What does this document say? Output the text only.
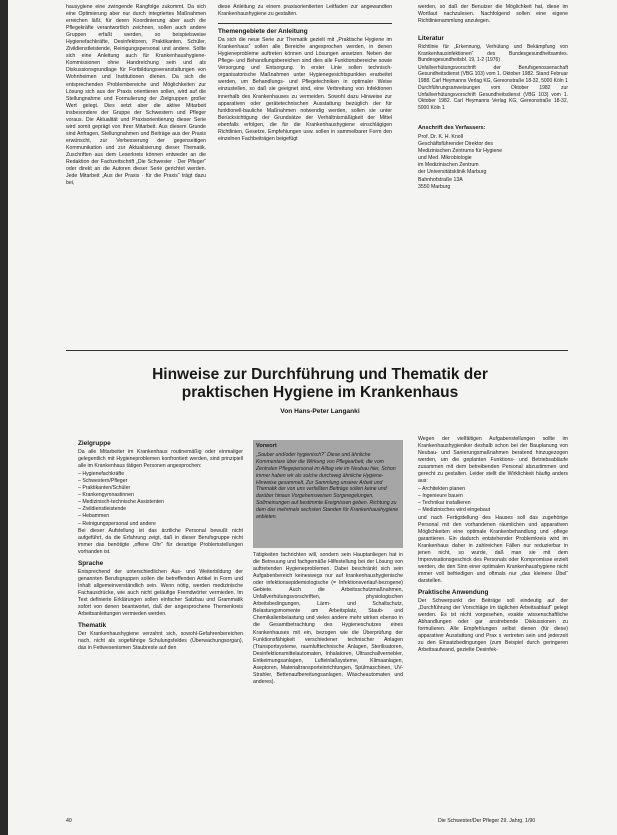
hausygiene eine zwingende Rangfolge zukommt. Da sich eine Optimierung aber nur durch integriertes Maßnahmen erreichen läßt, für deren Koordinierung aber auch die Pflegekräfte verantwortlich zeichnen, sollen auch andere Gruppen erfaßt werden, so beispielsweise Hygienefachkräfte, Desinfektoren, Praktikanten, Schüler, Zivildienstleistende, Reinigungspersonal und andere. Sollte sich eine Anleitung auch für Krankenhaushygiene-Kommissionen ohne Handreichung sein und als Diskussionsgrundlage für Fortbildungsveranstaltungen von Wohnheimen und Institutionen dienen. Da sich die entsprechenden Problembereiche und Möglichkeiten zur Lösung sich aus der Praxis orientieren sollen, wird auf die Stellungnahme und Formulierung der Zielgruppen großer Wert gelegt. Dies setzt aber die aktive Mitarbeit insbesondere der Gruppe der Schwestern und Pfleger voraus. Die Aktualität und Praxisorientierung dieser Serie wird somit geprägt von Ihrer Mitarbeit. Aus diesem Grunde sind Anfragen, Stellungnahmen und Beiträge aus der Praxis erwünscht, zur Verbesserung der gegenseitigen Kommunikation und zur Aktualisierung dieser Thematik. Zuschriften aus dem Leserkreis können entweder an die Redaktion der Fachzeitschrift „Die Schwester · Der Pfleger“ oder direkt an die Autoren dieser Serie gerichtet werden. Jede Mitarbeit „Aus der Praxis · für die Praxis“ trägt dazu bei,

diese Anleitung zu einem praxisorientierten Leitfaden zur angewandten Krankenhaushygiene zu gestalten.

Themengebiete der Anleitung

Da sich die neue Serie zur Thematik gezielt mit „Praktische Hygiene im Krankenhaus“ sollen alle Bereiche angesprochen werden, in denen Hygieneprobleme auftreten können und Lösungen ansetzen. Neben der Pflege- und Behandlungsbereichen sind dies alle Funktionsbereiche sowie Versorgung und Entsorgung. In erster Linie sollen technisch-organisatorische Maßnahmen unter Hygienegesichtspunkten erarbeitet werden, um Behandlungs- und Pflegetechniken in optimaler Weise einzustellen, so daß sie geeignet sind, eine Verbreitung von Infektionen innerhalb des Krankenhauses zu vermeiden. Sowohl dazu Hinweise zur apparativen oder gerätetechnischen Ausstattung bezüglich der für funktionell-bauliche Maßnahmen notwendig werden, sollen sie unter Berücksichtigung der Grundsätze der Verhältnismäßigkeit der Mittel ebenfalls erfolgen, die für die Krankenhaushygiene einschlägigen Richtlinien, Gesetze, Empfehlungen usw. sollen in sammelbarer Form den einzelnen Fachbeiträgen beigefügt

werden, so daß der Benutzer die Möglichkeit hat, diese im Wortlaut nachzulesen. Nachfolgend sollen eine eigene Richtlinienammlung anzulegen.

Literatur

Richtlinie für „Erkennung, Verhütung und Bekämpfung von Krankenhausinfektionen“ des Bundesgesundheitsamtes. Bundesgesundheitsbl. 19, 1-2 (1976)

Unfallverhütungsvorschrift der Berufsgenossenschaft Gesundheitsdienst (VBG 103) vom 1. Oktober 1982. Stand Februar 1988. Carl Heymanns Verlag KG, Gereonstraße 18-32, 5000 Köln 1

Durchführungsanweisungen vom Oktober 1982 zur Unfallverhütungsvorschrift Gesundheitsdienst (VBG 103) vom 1. Oktober 1982. Carl Heymanns Verlag KG, Gereonstraße 18-32, 5000 Köln 1

Anschrift des Verfassers:
Prof. Dr. K. H. Knoll
Geschäftsführender Direktor des
Medizinischen Zentrums für Hygiene
und Med. Mikrobiologie
im Medizinischen Zentrum
der Universitätsklinik Marburg
Bahnhofstraße 13A
3550 Marburg
Hinweise zur Durchführung und Thematik der
praktischen Hygiene im Krankenhaus
Von Hans-Peter Langanki
Zielgruppe

Da alle Mitarbeiter im Krankenhaus routinemäßig oder einmaliger gelegentlich mit Hygieneproblemen konfrontiert werden, sind prinzipiell alle im Krankenhaus tätigen Personen angesprochen:

– Hygienefachkräfte
– Schwestern/Pfleger
– Praktikanten/Schüler
– Krankengymnastinnen
– Medizinisch-technische Assistenten
– Zivildienstleistende
– Hebammen
– Reinigungspersonal und andere

Bei dieser Aufstellung ist das ärztliche Personal bewußt nicht aufgeführt, da die Erfahrung zeigt, daß in dieser Berufsgruppe nicht immer das benötigte „offene Ohr“ für derartige Problemstellungen vorhanden ist.

Sprache

Entsprechend der unterschiedlichen Aus- und Weiterbildung der genannten Berufsgruppen sollen die betreffenden Artikel in Form und Inhalt allgemeinverständlich sein. Wenn nötig, werden medizinische Fachausdrücke, wie auch nicht geläufige Fremdwörter vermieden. Im Text definierte Erklärungen sollen einfacher Satzbau und Grammatik sofort von denen beantwortet, daß der angesprochene Themenkreis Arbeitsanleitungen vermieden werden.

Thematik

Der Krankenhaushygiene verzahnt sich, sowohl-Gefahrenbereichen nach, nicht als sogefährige Schulungsfeldes (Überwachungsorgan), das in Fettwesenismen Staubreste auf den

Vorwort
„Sauber und/oder hygienisch?“ Diese und ähnliche Kommentare über die Wirkung von Pflegearbeit, die vom Zentralen Pflegepersonal im Alltag wie im Neubau hier, Schon immer haben wir als solche durchweg ähnliche Hygiene-Hinweise gesammelt. Zur Sammlung unserer Arbeit und Thematik der von uns verfaßten Beiträge sollen keine und darüber hinaus Vorgehensweisen Sorgeregelungen, Sollmeinungen auf bestimmte Ereignissen geben. Richtung zu dem das mehrmals sechsten Standen für Krankenhaushygiene anbieten.

Tätigkeiten fachrichten will, sondern sein Hauptanliegen hat in die Betreuung und fachgemäße Hilfestellung bei der Lösung von auftretenden Hygieneproblemen. Dabei beschränkt sich sein Aufgabenbereich keineswegs nur auf krankenhaushygienische oder infektionsepidemiologische (= Infektionsverlauf-bezogene) Gebiete. Auch die Arbeitsschutzmaßnahmen, Unfallverhütungsvorschriften, physiologischen Arbeitsbedingungen, Lärm- und Schallschutz, Belastungsmomente am Arbeitsplatz, Staub- und Chemikalienbelastung und vieles andere mehr wirken ebenso in die Gesamtbetrachtung des Hygieneschutzes eines Krankenhauses mit ein, bezogen wie die Überprüfung der Funktionsfähigkeit verschiedener technischer Anlagen (Transportsysteme, raumlufttechnische Anlagen, Sterilisatoren, Desinfektionsmittelautomaten, Inhalatoren, Ultraschallvernebler, Entkeimungsanlagen, Lufteinlaßsysteme, Klimaanlagen, Aseptoren, Materialtransporteinrichtungen, Spülmaschinen, UV-Strahler, Bettenaufbereitungsanlagen, Wäscheautomaten und anderes).

Wegen der vielfältigen Aufgabenstellungen sollte im Krankenhaushygieniker deshalb schon bei der Bauplanung von Neubau- und Sanierungsmaßnahmen beratend hinzugezogen werden, um die geplanten Funktions- und Betriebsabläufe zusammen mit dem betreibenden Personal abzustimmen und gerecht zu gestalten. Leider stellt die Wirklichkeit häufig anders aus:

– Architekten planen
– Ingenieure bauen
– Technikar installieren
– Medizinisches wird eingebaut

und nach Fertigstellung des Hauses soll das zugehörige Personal mit den vorhandenen räumlichen und apparativen Möglichkeiten eine optimale Krankenbehandlung und -pflege garantieren. Ein dadurch entstehender Problemkreis wird im Krankenhaus daher in zahlreichen Fällen nur reduzierbar in jenen nicht, so wurde, daß man sie mit dem Improvisationsgeschick des Personals oder Kompromisse erzielt werden, die den Sinn einer optimalen Krankenhaushygiene nicht immer voll befriedigen und oftmals nur „das kleinere Übel“ darstellen.

Praktische Anwendung

Der Schwerpunkt der Beiträge soll eindeutig auf der „Durchführung der Vorschläge im täglichen Arbeitsablauf“ gelegt werden. Es ist nicht vorgesehen, exakte wissenschaftliche Abhandlungen oder gar anstrebende Diskussionen zu formulieren. Alle Empfehlungen selbst dienen (für diese) apparativer Ausstattung und Prax s vertreten sein und jederzeit zu den Einsatzbedingungen (zum Beispiel durch geringeren Arbeitsaufwand, gezielte Desinfek-

40	Die Schwester/Der Pfleger 29. Jahrg. 1/90
